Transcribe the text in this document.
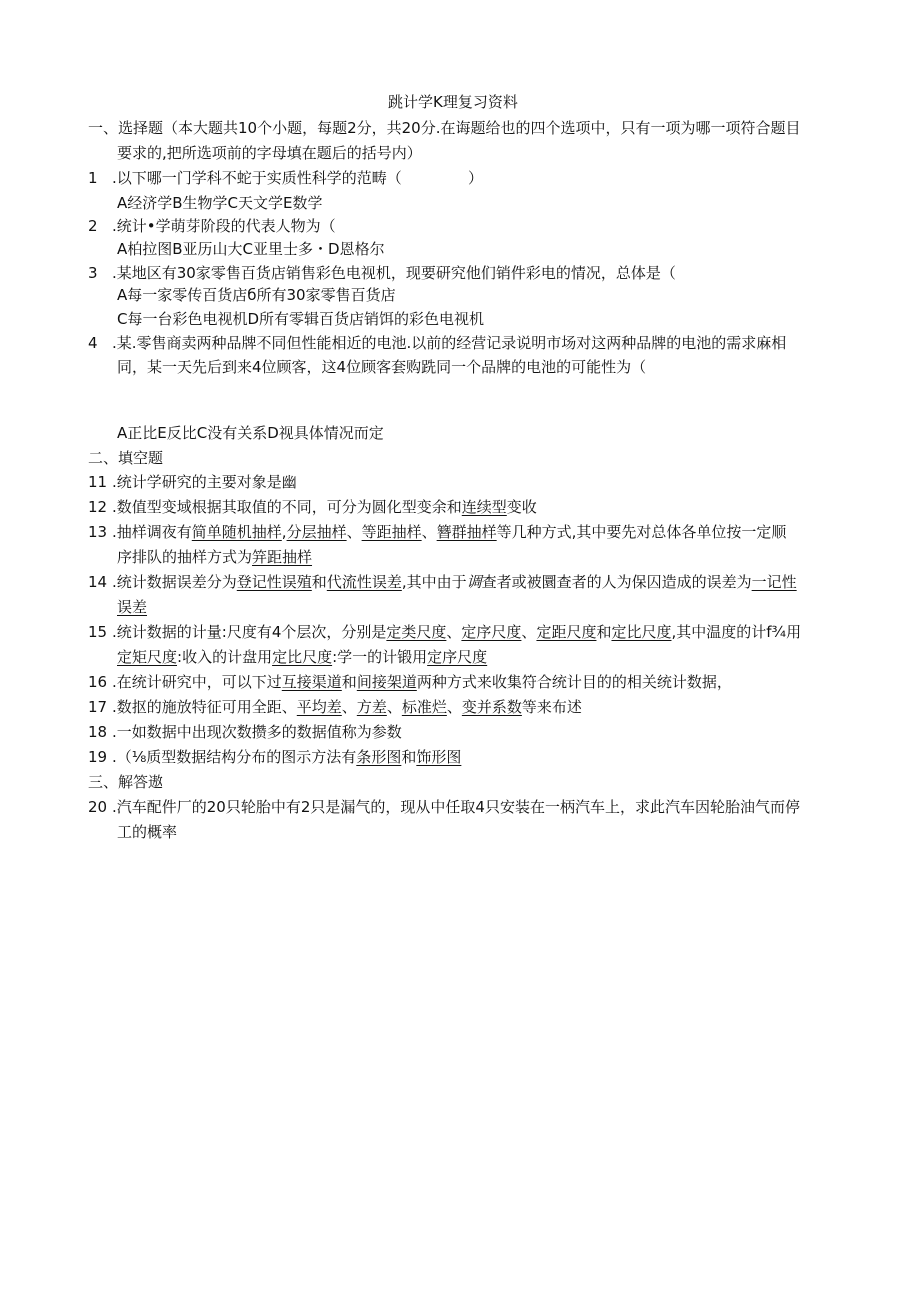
跳计学K理复习资料
一、选择题（本大题共10个小题，每题2分，共20分.在诲题给也的四个选项中，只有一项为哪一项符合题目
要求的,把所选项前的字母填在题后的括号内）
1 .以下哪一门学科不蛇于实质性科学的范畴（	）
A经济学B生物学C天文学E数学
2 .统计•学萌芽阶段的代表人物为（
A柏拉图B亚历山大C亚里士多・D恩格尔
3 .某地区有30家零售百货店销售彩色电视机，现要研究他们销件彩电的情况，总体是（
A每一家零传百货店б所有30家零售百货店
C每一台彩色电视机D所有零辑百货店销饵的彩色电视机
4 .某.零售商卖两种品牌不同但性能相近的电池.以前的经营记录说明市场对这两种品牌的电池的需求麻相
同，某一天先后到来4位顾客，这4位顾客套购跣同一个品牌的电池的可能性为（
A正比E反比C没有关系D视具体情况而定
二、填空题
11 .统计学研究的主要对象是幽
12 .数值型变域根据其取值的不同，可分为圆化型变余和连续型变收
13 .抽样调夜有简单随机抽样,分层抽样、等距抽样、簪群抽样等几种方式,其中要先对总体各单位按一定顺
序排队的抽样方式为笄距抽样
14 .统计数据误差分为登记性误殖和代流性误差,其中由于调查者或被圜查者的人为保囚造成的误差为一记性
误差
15 .统计数据的计量:尺度有4个层次，分别是定类尺度、定序尺度、定距尺度和定比尺度,其中温度的计f¾用
定矩尺度:收入的计盘用定比尺度:学一的计锻用定序尺度
16 .在统计研究中，可以下过互接渠道和间接架道两种方式来收集符合统计目的的相关统计数据，
17 .数抠的施放特征可用全距、平均差、方差、标准烂、变并系数等来布述
18 .一如数据中出现次数攒多的数据值称为参数
19 .（⅛质型数据结构分布的图示方法有条形图和饰形图
三、解答遨
20 .汽车配件厂的20只轮胎中有2只是漏气的，现从中任取4只安装在一柄汽车上，求此汽车因轮胎油气而停
工的概率
